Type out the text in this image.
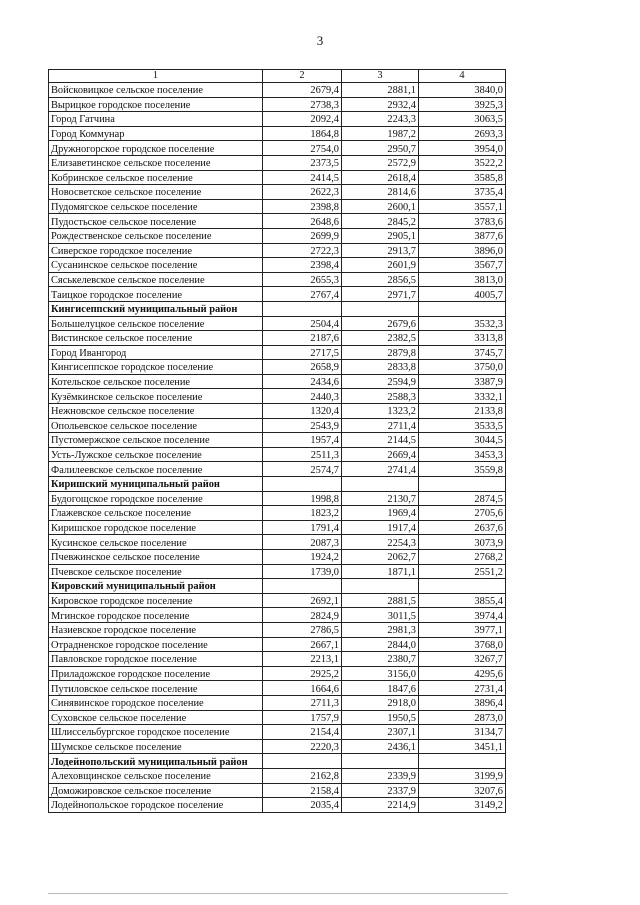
3
1	2	3	4
Войсковицкое сельское поселение	2679,4	2881,1	3840,0
Вырицкое городское поселение	2738,3	2932,4	3925,3
Город Гатчина	2092,4	2243,3	3063,5
Город Коммунар	1864,8	1987,2	2693,3
Дружногорское городское поселение	2754,0	2950,7	3954,0
Елизаветинское сельское поселение	2373,5	2572,9	3522,2
Кобринское сельское поселение	2414,5	2618,4	3585,8
Новосветское сельское поселение	2622,3	2814,6	3735,4
Пудомягское сельское поселение	2398,8	2600,1	3557,1
Пудостьское сельское поселение	2648,6	2845,2	3783,6
Рождественское сельское поселение	2699,9	2905,1	3877,6
Сиверское городское поселение	2722,3	2913,7	3896,0
Сусанинское сельское поселение	2398,4	2601,9	3567,7
Сяськелевское сельское поселение	2655,3	2856,5	3813,0
Таицкое городское поселение	2767,4	2971,7	4005,7
Кингисеппский муниципальный район			
Большелуцкое сельское поселение	2504,4	2679,6	3532,3
Вистинское сельское поселение	2187,6	2382,5	3313,8
Город Ивангород	2717,5	2879,8	3745,7
Кингисеппское городское поселение	2658,9	2833,8	3750,0
Котельское сельское поселение	2434,6	2594,9	3387,9
Кузёмкинское сельское поселение	2440,3	2588,3	3332,1
Нежновское сельское поселение	1320,4	1323,2	2133,8
Опольевское сельское поселение	2543,9	2711,4	3533,5
Пустомержское сельское поселение	1957,4	2144,5	3044,5
Усть-Лужское сельское поселение	2511,3	2669,4	3453,3
Фалилеевское сельское поселение	2574,7	2741,4	3559,8
Киришский муниципальный район			
Будогощское городское поселение	1998,8	2130,7	2874,5
Глажевское сельское поселение	1823,2	1969,4	2705,6
Киришское городское поселение	1791,4	1917,4	2637,6
Кусинское сельское поселение	2087,3	2254,3	3073,9
Пчевжинское сельское поселение	1924,2	2062,7	2768,2
Пчевское сельское поселение	1739,0	1871,1	2551,2
Кировский муниципальный район			
Кировское городское поселение	2692,1	2881,5	3855,4
Мгинское городское поселение	2824,9	3011,5	3974,4
Назиевское городское поселение	2786,5	2981,3	3977,1
Отрадненское городское поселение	2667,1	2844,0	3768,0
Павловское городское поселение	2213,1	2380,7	3267,7
Приладожское городское поселение	2925,2	3156,0	4295,6
Путиловское сельское поселение	1664,6	1847,6	2731,4
Синявинское городское поселение	2711,3	2918,0	3896,4
Суховское сельское поселение	1757,9	1950,5	2873,0
Шлиссельбургское городское поселение	2154,4	2307,1	3134,7
Шумское сельское поселение	2220,3	2436,1	3451,1
Лодейнопольский муниципальный район			
Алеховщинское сельское поселение	2162,8	2339,9	3199,9
Доможировское сельское поселение	2158,4	2337,9	3207,6
Лодейнопольское городское поселение	2035,4	2214,9	3149,2
